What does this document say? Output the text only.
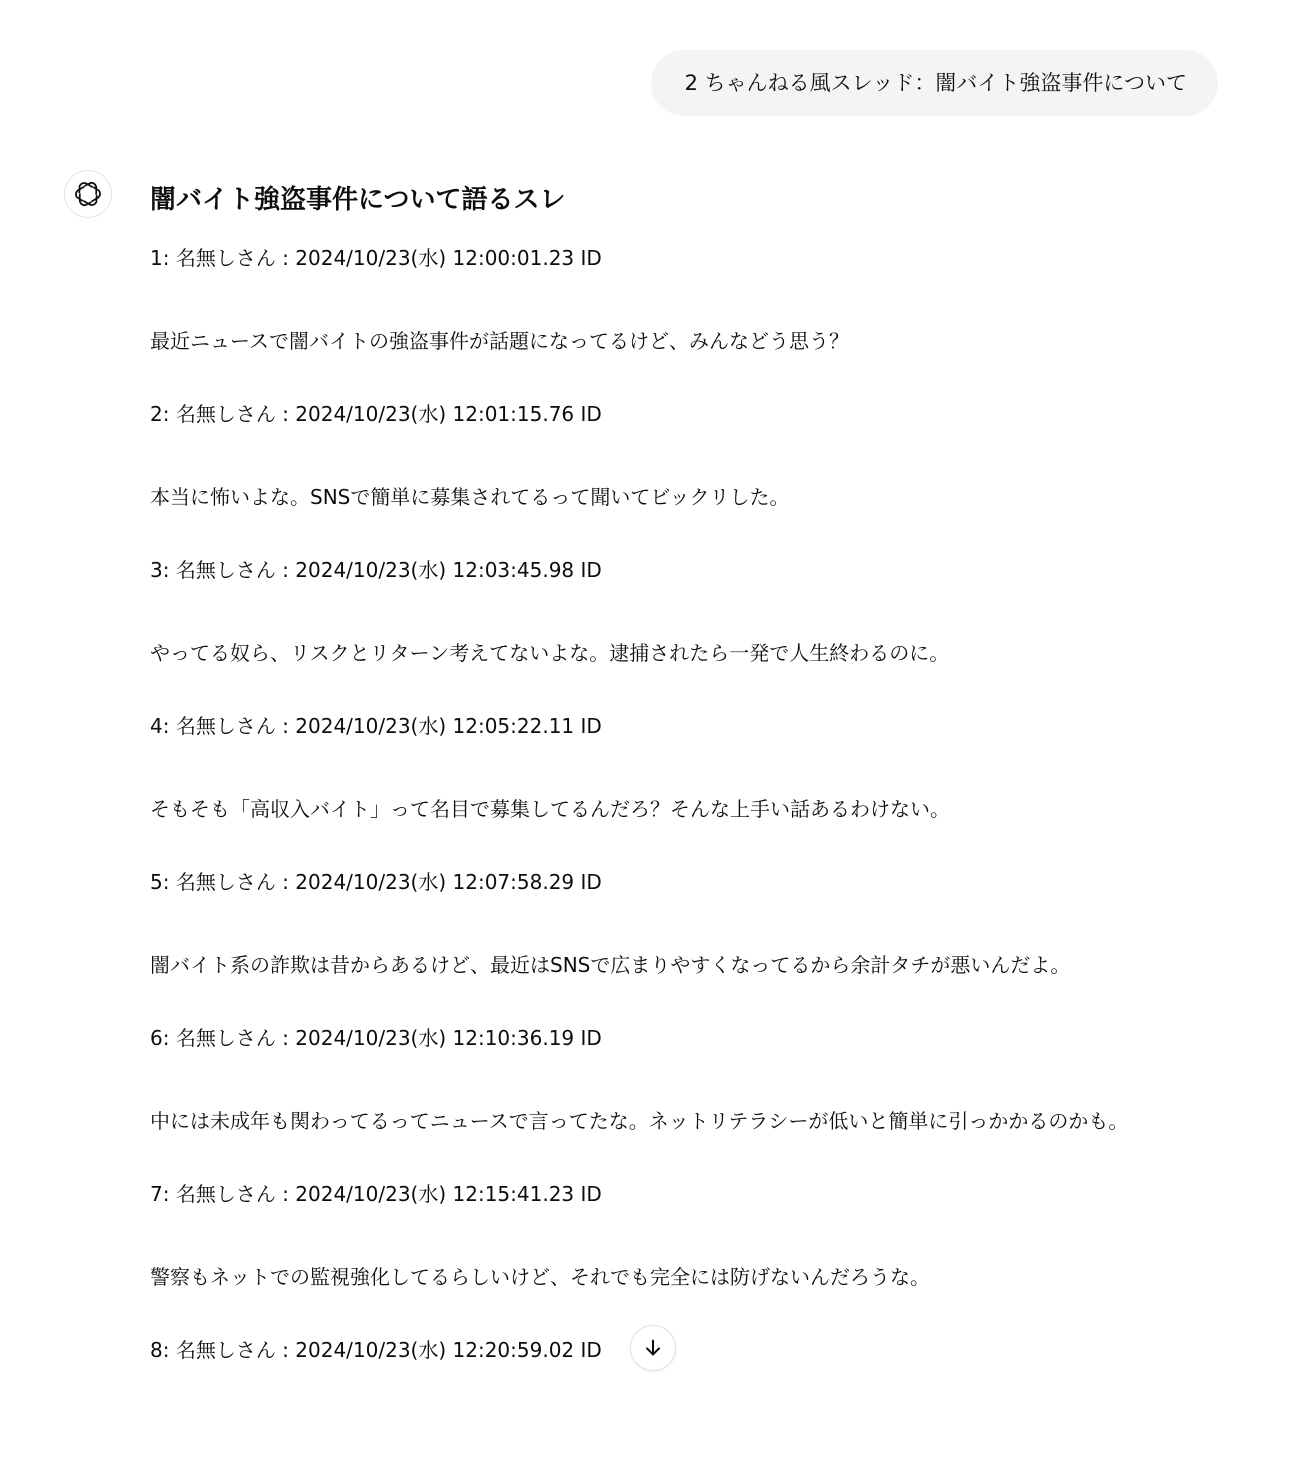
2 ちゃんねる風スレッド：闇バイト強盗事件について
闇バイト強盗事件について語るスレ
1: 名無しさん : 2024/10/23(水) 12:00:01.23 ID
最近ニュースで闇バイトの強盗事件が話題になってるけど、みんなどう思う？
2: 名無しさん : 2024/10/23(水) 12:01:15.76 ID
本当に怖いよな。SNSで簡単に募集されてるって聞いてビックリした。
3: 名無しさん : 2024/10/23(水) 12:03:45.98 ID
やってる奴ら、リスクとリターン考えてないよな。逮捕されたら一発で人生終わるのに。
4: 名無しさん : 2024/10/23(水) 12:05:22.11 ID
そもそも「高収入バイト」って名目で募集してるんだろ？そんな上手い話あるわけない。
5: 名無しさん : 2024/10/23(水) 12:07:58.29 ID
闇バイト系の詐欺は昔からあるけど、最近はSNSで広まりやすくなってるから余計タチが悪いんだよ。
6: 名無しさん : 2024/10/23(水) 12:10:36.19 ID
中には未成年も関わってるってニュースで言ってたな。ネットリテラシーが低いと簡単に引っかかるのかも。
7: 名無しさん : 2024/10/23(水) 12:15:41.23 ID
警察もネットでの監視強化してるらしいけど、それでも完全には防げないんだろうな。
8: 名無しさん : 2024/10/23(水) 12:20:59.02 ID
